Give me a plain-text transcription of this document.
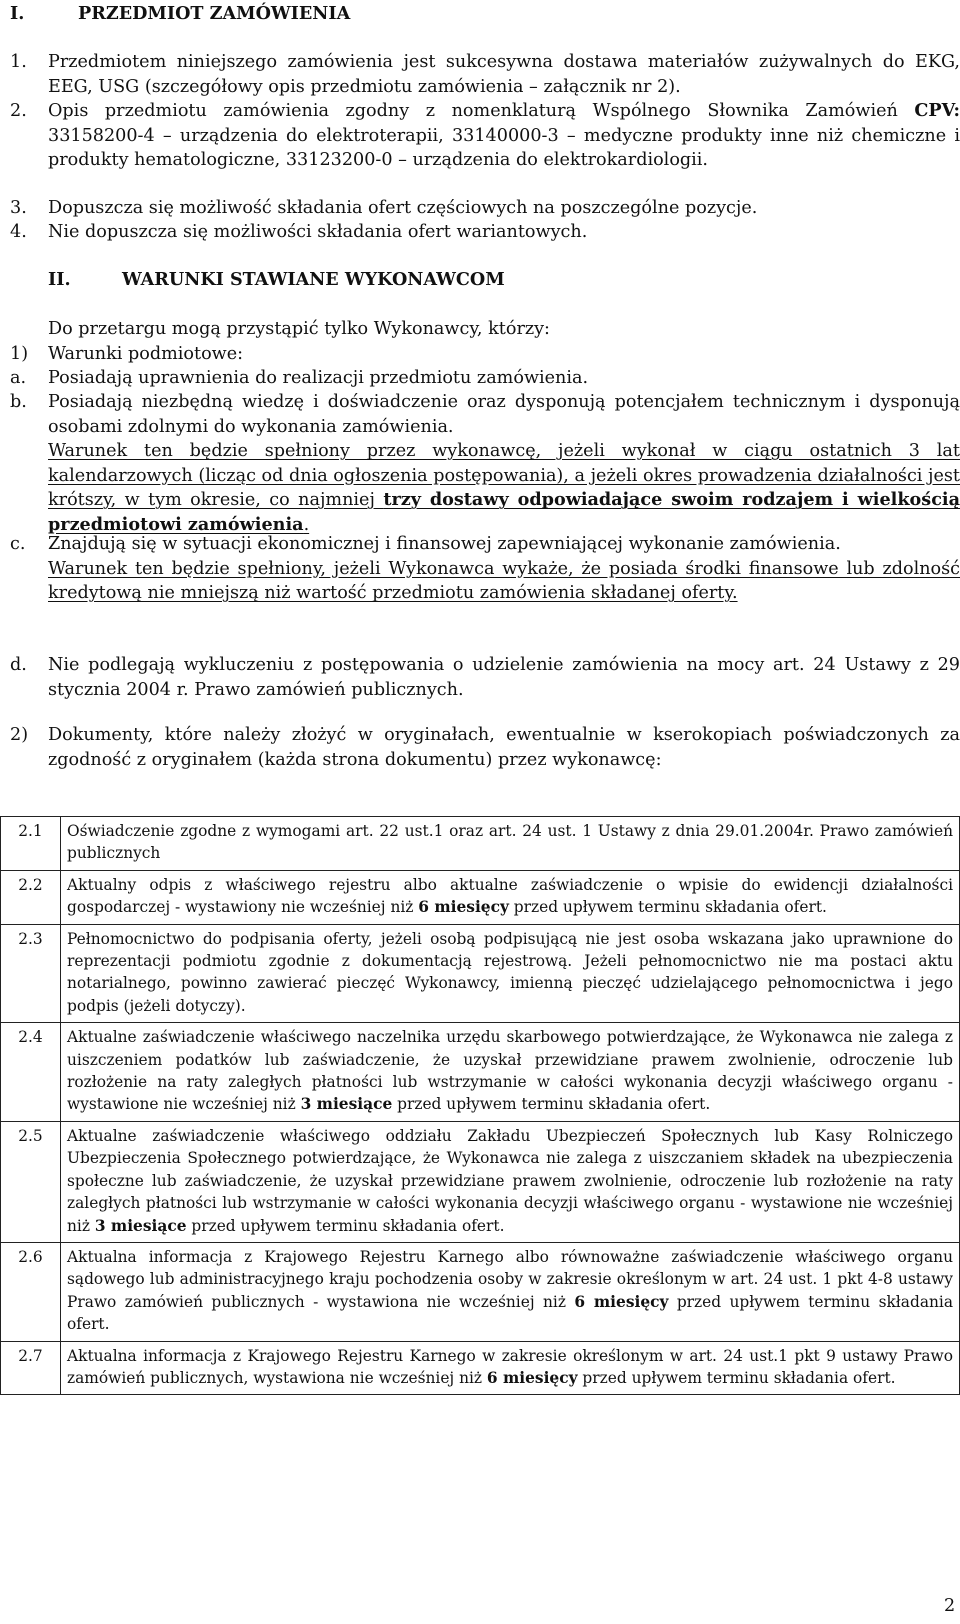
I.	PRZEDMIOT ZAMÓWIENIA
1. Przedmiotem niniejszego zamówienia jest sukcesywna dostawa materiałów zużywalnych do EKG, EEG, USG (szczegółowy opis przedmiotu zamówienia – załącznik nr 2).
2. Opis przedmiotu zamówienia zgodny z nomenklaturą Wspólnego Słownika Zamówień CPV: 33158200-4 – urządzenia do elektroterapii, 33140000-3 – medyczne produkty inne niż chemiczne i produkty hematologiczne, 33123200-0 – urządzenia do elektrokardiologii.
3. Dopuszcza się możliwość składania ofert częściowych na poszczególne pozycje.
4. Nie dopuszcza się możliwości składania ofert wariantowych.
II.	WARUNKI STAWIANE WYKONAWCOM
Do przetargu mogą przystąpić tylko Wykonawcy, którzy:
1) Warunki podmiotowe:
a. Posiadają uprawnienia do realizacji przedmiotu zamówienia.
b. Posiadają niezbędną wiedzę i doświadczenie oraz dysponują potencjałem technicznym i dysponują osobami zdolnymi do wykonania zamówienia.
Warunek ten będzie spełniony przez wykonawcę, jeżeli wykonał w ciągu ostatnich 3 lat kalendarzowych (licząc od dnia ogłoszenia postępowania), a jeżeli okres prowadzenia działalności jest krótszy, w tym okresie, co najmniej trzy dostawy odpowiadające swoim rodzajem i wielkością przedmiotowi zamówienia.
c. Znajdują się w sytuacji ekonomicznej i finansowej zapewniającej wykonanie zamówienia.
Warunek ten będzie spełniony, jeżeli Wykonawca wykaże, że posiada środki finansowe lub zdolność kredytową nie mniejszą niż wartość przedmiotu zamówienia składanej oferty.
d. Nie podlegają wykluczeniu z postępowania o udzielenie zamówienia na mocy art. 24 Ustawy z 29 stycznia 2004 r. Prawo zamówień publicznych.
2) Dokumenty, które należy złożyć w oryginałach, ewentualnie w kserokopiach poświadczonych za zgodność z oryginałem (każda strona dokumentu) przez wykonawcę:
2.1	Oświadczenie zgodne z wymogami art. 22 ust.1 oraz art. 24 ust. 1 Ustawy z dnia 29.01.2004r. Prawo zamówień publicznych
2.2	Aktualny odpis z właściwego rejestru albo aktualne zaświadczenie o wpisie do ewidencji działalności gospodarczej - wystawiony nie wcześniej niż 6 miesięcy przed upływem terminu składania ofert.
2.3	Pełnomocnictwo do podpisania oferty, jeżeli osobą podpisującą nie jest osoba wskazana jako uprawnione do reprezentacji podmiotu zgodnie z dokumentacją rejestrową. Jeżeli pełnomocnictwo nie ma postaci aktu notarialnego, powinno zawierać pieczęć Wykonawcy, imienną pieczęć udzielającego pełnomocnictwa i jego podpis (jeżeli dotyczy).
2.4	Aktualne zaświadczenie właściwego naczelnika urzędu skarbowego potwierdzające, że Wykonawca nie zalega z uiszczeniem podatków lub zaświadczenie, że uzyskał przewidziane prawem zwolnienie, odroczenie lub rozłożenie na raty zaległych płatności lub wstrzymanie w całości wykonania decyzji właściwego organu - wystawione nie wcześniej niż 3 miesiące przed upływem terminu składania ofert.
2.5	Aktualne zaświadczenie właściwego oddziału Zakładu Ubezpieczeń Społecznych lub Kasy Rolniczego Ubezpieczenia Społecznego potwierdzające, że Wykonawca nie zalega z uiszczaniem składek na ubezpieczenia społeczne lub zaświadczenie, że uzyskał przewidziane prawem zwolnienie, odroczenie lub rozłożenie na raty zaległych płatności lub wstrzymanie w całości wykonania decyzji właściwego organu - wystawione nie wcześniej niż 3 miesiące przed upływem terminu składania ofert.
2.6	Aktualna informacja z Krajowego Rejestru Karnego albo równoważne zaświadczenie właściwego organu sądowego lub administracyjnego kraju pochodzenia osoby w zakresie określonym w art. 24 ust. 1 pkt 4-8 ustawy Prawo zamówień publicznych - wystawiona nie wcześniej niż 6 miesięcy przed upływem terminu składania ofert.
2.7	Aktualna informacja z Krajowego Rejestru Karnego w zakresie określonym w art. 24 ust.1 pkt 9 ustawy Prawo zamówień publicznych, wystawiona nie wcześniej niż 6 miesięcy przed upływem terminu składania ofert.
2
